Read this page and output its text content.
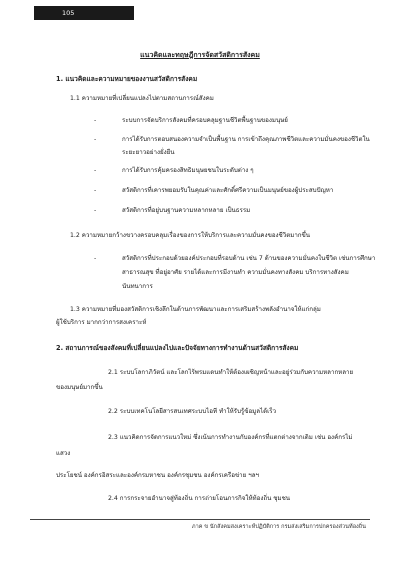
105
แนวคิดและทฤษฎีการจัดสวัสดิการสังคม
1. แนวคิดและความหมายของงานสวัสดิการสังคม
1.1 ความหมายที่เปลี่ยนแปลงไปตามสถานการณ์สังคม
-	ระบบการจัดบริการสังคมที่ครอบคลุมฐานชีวิตพื้นฐานของมนุษย์
-	การได้รับการตอบสนองความจำเป็นพื้นฐาน การเข้าถึงคุณภาพชีวิตและความมั่นคงของชีวิตใน
ระยะยาวอย่างยั่งยืน
-	การได้รับการคุ้มครองสิทธิมนุษยชนในระดับต่าง ๆ
-	สวัสดิการที่เคารพยอมรับในคุณค่าและศักดิ์ศรีความเป็นมนุษย์ของผู้ประสบปัญหา
-	สวัสดิการที่อยู่บนฐานความหลากหลาย เป็นธรรม
1.2 ความหมายกว้างขวางครอบคลุมเรื่องของการให้บริการและความมั่นคงของชีวิตมากขึ้น
-	สวัสดิการที่ประกอบด้วยองค์ประกอบที่รอบด้าน เช่น 7 ด้านของความมั่นคงในชีวิต เช่นการศึกษา
สาธารณสุข ที่อยู่อาศัย รายได้และการมีงานทำ ความมั่นคงทางสังคม บริการทางสังคม
นันทนาการ
1.3 ความหมายที่มองสวัสดิการเชิงลึกในด้านการพัฒนาและการเสริมสร้างพลังอำนาจให้แก่กลุ่ม
ผู้ใช้บริการ มากกว่าการสงเคราะห์
2. สถานการณ์ของสังคมที่เปลี่ยนแปลงไปและปัจจัยทางการทำงานด้านสวัสดิการสังคม
2.1 ระบบโลกาภิวัตน์ และโลกไร้พรมแดนทำให้ต้องเผชิญหน้าและอยู่ร่วมกับความหลากหลาย
ของมนุษย์มากขึ้น
2.2 ระบบเทคโนโลยีสารสนเทศระบบไอที ทำให้รับรู้ข้อมูลได้เร็ว
2.3 แนวคิดการจัดการแนวใหม่ ซึ่งเน้นการทำงานกับองค์กรที่แตกต่างจากเดิม เช่น องค์กรไม่
แสวง
ประโยชน์ องค์กรอิสระและองค์กรมหาชน องค์กรชุมชน องค์กรเครือข่าย ฯลฯ
2.4 การกระจายอำนาจสู่ท้องถิ่น การถ่ายโอนภารกิจให้ท้องถิ่น ชุมชน
ภาค ข นักสังคมสงเคราะห์ปฏิบัติการ กรมส่งเสริมการปกครองส่วนท้องถิ่น
